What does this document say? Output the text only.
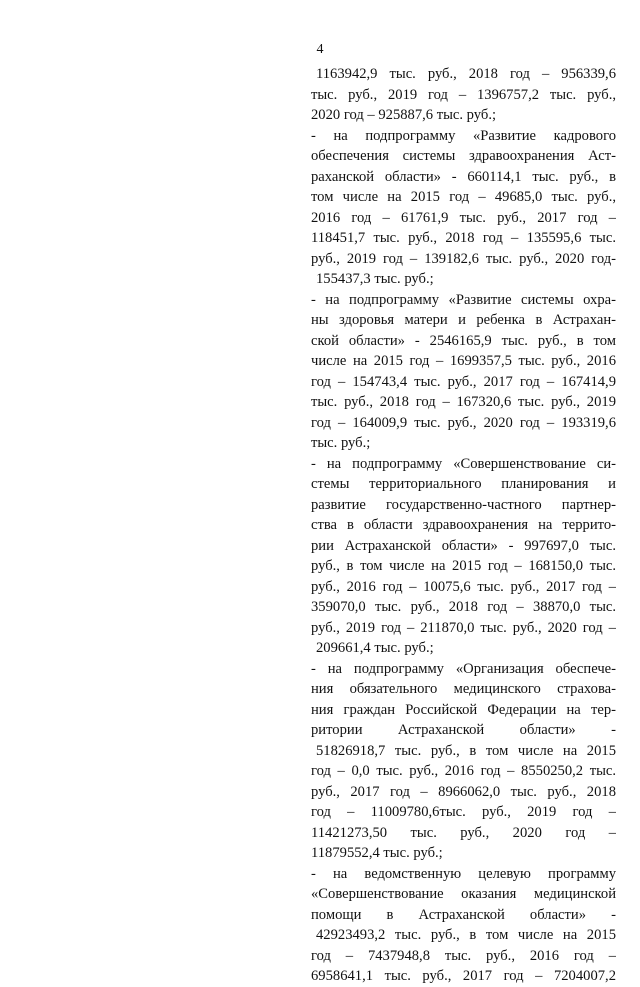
4
1163942,9 тыс. руб., 2018 год – 956339,6
тыс. руб., 2019 год – 1396757,2 тыс. руб.,
2020 год – 925887,6 тыс. руб.;
- на подпрограмму «Развитие кадрового
обеспечения системы здравоохранения Аст-
раханской области» - 660114,1 тыс. руб., в
том числе на 2015 год – 49685,0 тыс. руб.,
2016 год – 61761,9 тыс. руб., 2017 год –
118451,7 тыс. руб., 2018 год – 135595,6 тыс.
руб., 2019 год – 139182,6 тыс. руб., 2020 год-
155437,3 тыс. руб.;
- на подпрограмму «Развитие системы охра-
ны здоровья матери и ребенка в Астрахан-
ской области» - 2546165,9 тыс. руб., в том
числе на 2015 год – 1699357,5 тыс. руб., 2016
год – 154743,4 тыс. руб., 2017 год – 167414,9
тыс. руб., 2018 год – 167320,6 тыс. руб., 2019
год – 164009,9 тыс. руб., 2020 год – 193319,6
тыс. руб.;
- на подпрограмму «Совершенствование си-
стемы территориального планирования и
развитие государственно-частного партнер-
ства в области здравоохранения на террито-
рии Астраханской области» - 997697,0 тыс.
руб., в том числе на 2015 год – 168150,0 тыс.
руб., 2016 год – 10075,6 тыс. руб., 2017 год –
359070,0 тыс. руб., 2018 год – 38870,0 тыс.
руб., 2019 год – 211870,0 тыс. руб., 2020 год –
209661,4 тыс. руб.;
- на подпрограмму «Организация обеспече-
ния обязательного медицинского страхова-
ния граждан Российской Федерации на тер-
ритории Астраханской области» -
51826918,7 тыс. руб., в том числе на 2015
год – 0,0 тыс. руб., 2016 год – 8550250,2 тыс.
руб., 2017 год – 8966062,0 тыс. руб., 2018
год – 11009780,6тыс. руб., 2019 год –
11421273,50 тыс. руб., 2020 год –
11879552,4 тыс. руб.;
- на ведомственную целевую программу
«Совершенствование оказания медицинской
помощи в Астраханской области» -
42923493,2 тыс. руб., в том числе на 2015
год – 7437948,8 тыс. руб., 2016 год –
6958641,1 тыс. руб., 2017 год – 7204007,2
